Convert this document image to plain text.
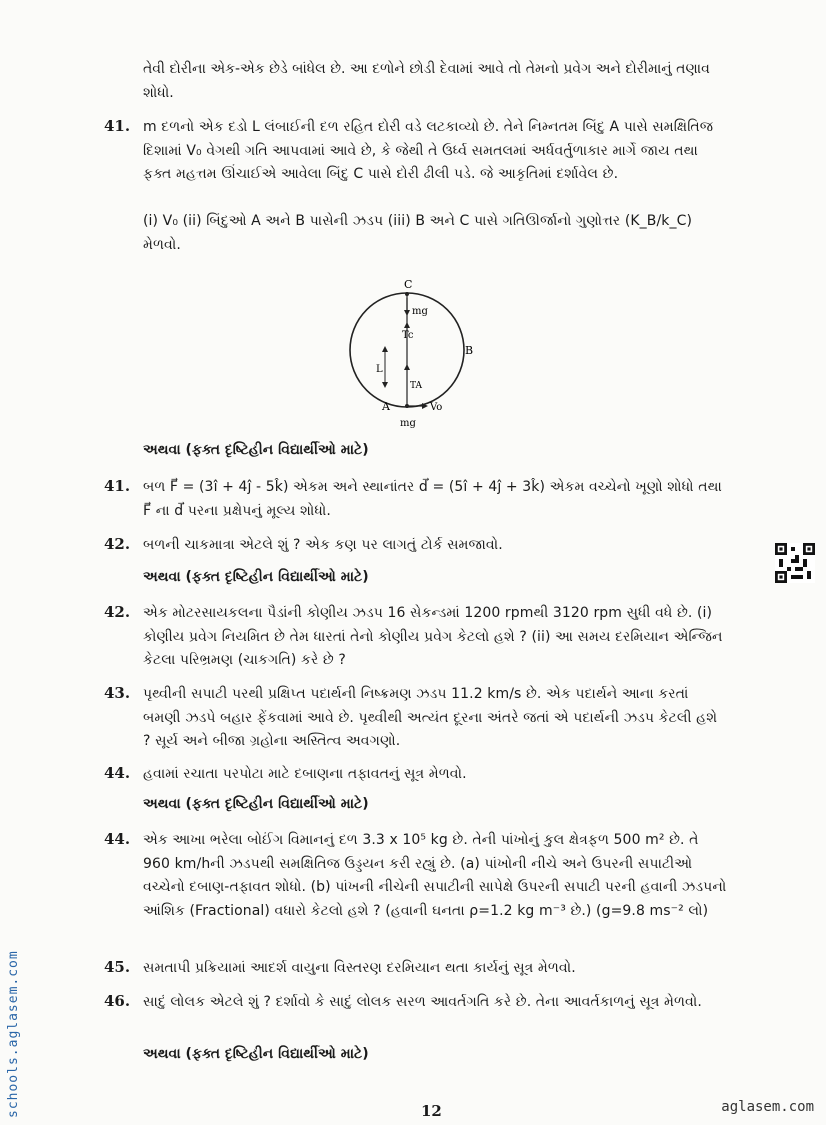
તેવી દોરીના એક-એક છેડે બાંધેલ છે. આ દળોને છોડી દેવામાં આવે તો તેમનો પ્રવેગ અને દોરીમાનું તણાવ શોધો.
41. m દળનો એક દડો L લંબાઈની દળ રહિત દોરી વડે લટકાવ્યો છે. તેને નિમ્નતમ બિંદુ A પાસે સમક્ષિતિજ દિશામાં V₀ વેગથી ગતિ આપવામાં આવે છે, કે જેથી તે ઉર્ધ્વ સમતલમાં અર્ધવર્તુળાકાર માર્ગે જાય તથા ફક્ત મહત્તમ ઊંચાઈએ આવેલા બિંદુ C પાસે દોરી ઢીલી પડે. જે આકૃતિમાં દર્શાવેલ છે.
(i) V₀ (ii) બિંદુઓ A અને B પાસેની ઝડપ (iii) B અને C પાસે ગતિઊર્જાનો ગુણોત્તર (K_B/k_C) મેળવો.
C
mg
Tc
B
L
TA
A	Vo
mg
અથવા (ફક્ત દૃષ્ટિહીન વિદ્યાર્થીઓ માટે)
41. બળ F⃗ = (3î + 4ĵ - 5k̂) એકમ અને સ્થાનાંતર d⃗ = (5î + 4ĵ + 3k̂) એકમ વચ્ચેનો ખૂણો શોધો તથા F⃗ ના d⃗ પરના પ્રક્ષેપનું મૂલ્ય શોધો.
42. બળની ચાકમાત્રા એટલે શું ? એક કણ પર લાગતું ટોર્ક સમજાવો.
અથવા (ફક્ત દૃષ્ટિહીન વિદ્યાર્થીઓ માટે)
42. એક મોટરસાયકલના પૈડાંની કોણીય ઝડપ 16 સેકન્ડમાં 1200 rpmથી 3120 rpm સુધી વધે છે. (i) કોણીય પ્રવેગ નિયમિત છે તેમ ધારતાં તેનો કોણીય પ્રવેગ કેટલો હશે ? (ii) આ સમય દરમિયાન એન્જિન કેટલા પરિભ્રમણ (ચાકગતિ) કરે છે ?
43. પૃથ્વીની સપાટી પરથી પ્રક્ષિપ્ત પદાર્થની નિષ્ક્રમણ ઝડપ 11.2 km/s છે. એક પદાર્થને આના કરતાં બમણી ઝડપે બહાર ફેંકવામાં આવે છે. પૃથ્વીથી અત્યંત દૂરના અંતરે જતાં એ પદાર્થની ઝડપ કેટલી હશે ? સૂર્ય અને બીજા ગ્રહોના અસ્તિત્વ અવગણો.
44. હવામાં રચાતા પરપોટા માટે દબાણના તફાવતનું સૂત્ર મેળવો.
અથવા (ફક્ત દૃષ્ટિહીન વિદ્યાર્થીઓ માટે)
44. એક આખા ભરેલા બોઈંગ વિમાનનું દળ 3.3 x 10⁵ kg છે. તેની પાંખોનું કુલ ક્ષેત્રફળ 500 m² છે. તે 960 km/hની ઝડપથી સમક્ષિતિજ ઉડ્ડયન કરી રહ્યું છે. (a) પાંખોની નીચે અને ઉપરની સપાટીઓ વચ્ચેનો દબાણ-તફાવત શોધો. (b) પાંખની નીચેની સપાટીની સાપેક્ષે ઉપરની સપાટી પરની હવાની ઝડપનો આંશિક (Fractional) વધારો કેટલો હશે ? (હવાની ઘનતા ρ=1.2 kg m⁻³ છે.) (g=9.8 ms⁻² લો)
45. સમતાપી પ્રક્રિયામાં આદર્શ વાયુના વિસ્તરણ દરમિયાન થતા કાર્યનું સૂત્ર મેળવો.
46. સાદું લોલક એટલે શું ? દર્શાવો કે સાદું લોલક સરળ આવર્તગતિ કરે છે. તેના આવર્તકાળનું સૂત્ર મેળવો.
અથવા (ફક્ત દૃષ્ટિહીન વિદ્યાર્થીઓ માટે)
12
schools.aglasem.com	aglasem.com
